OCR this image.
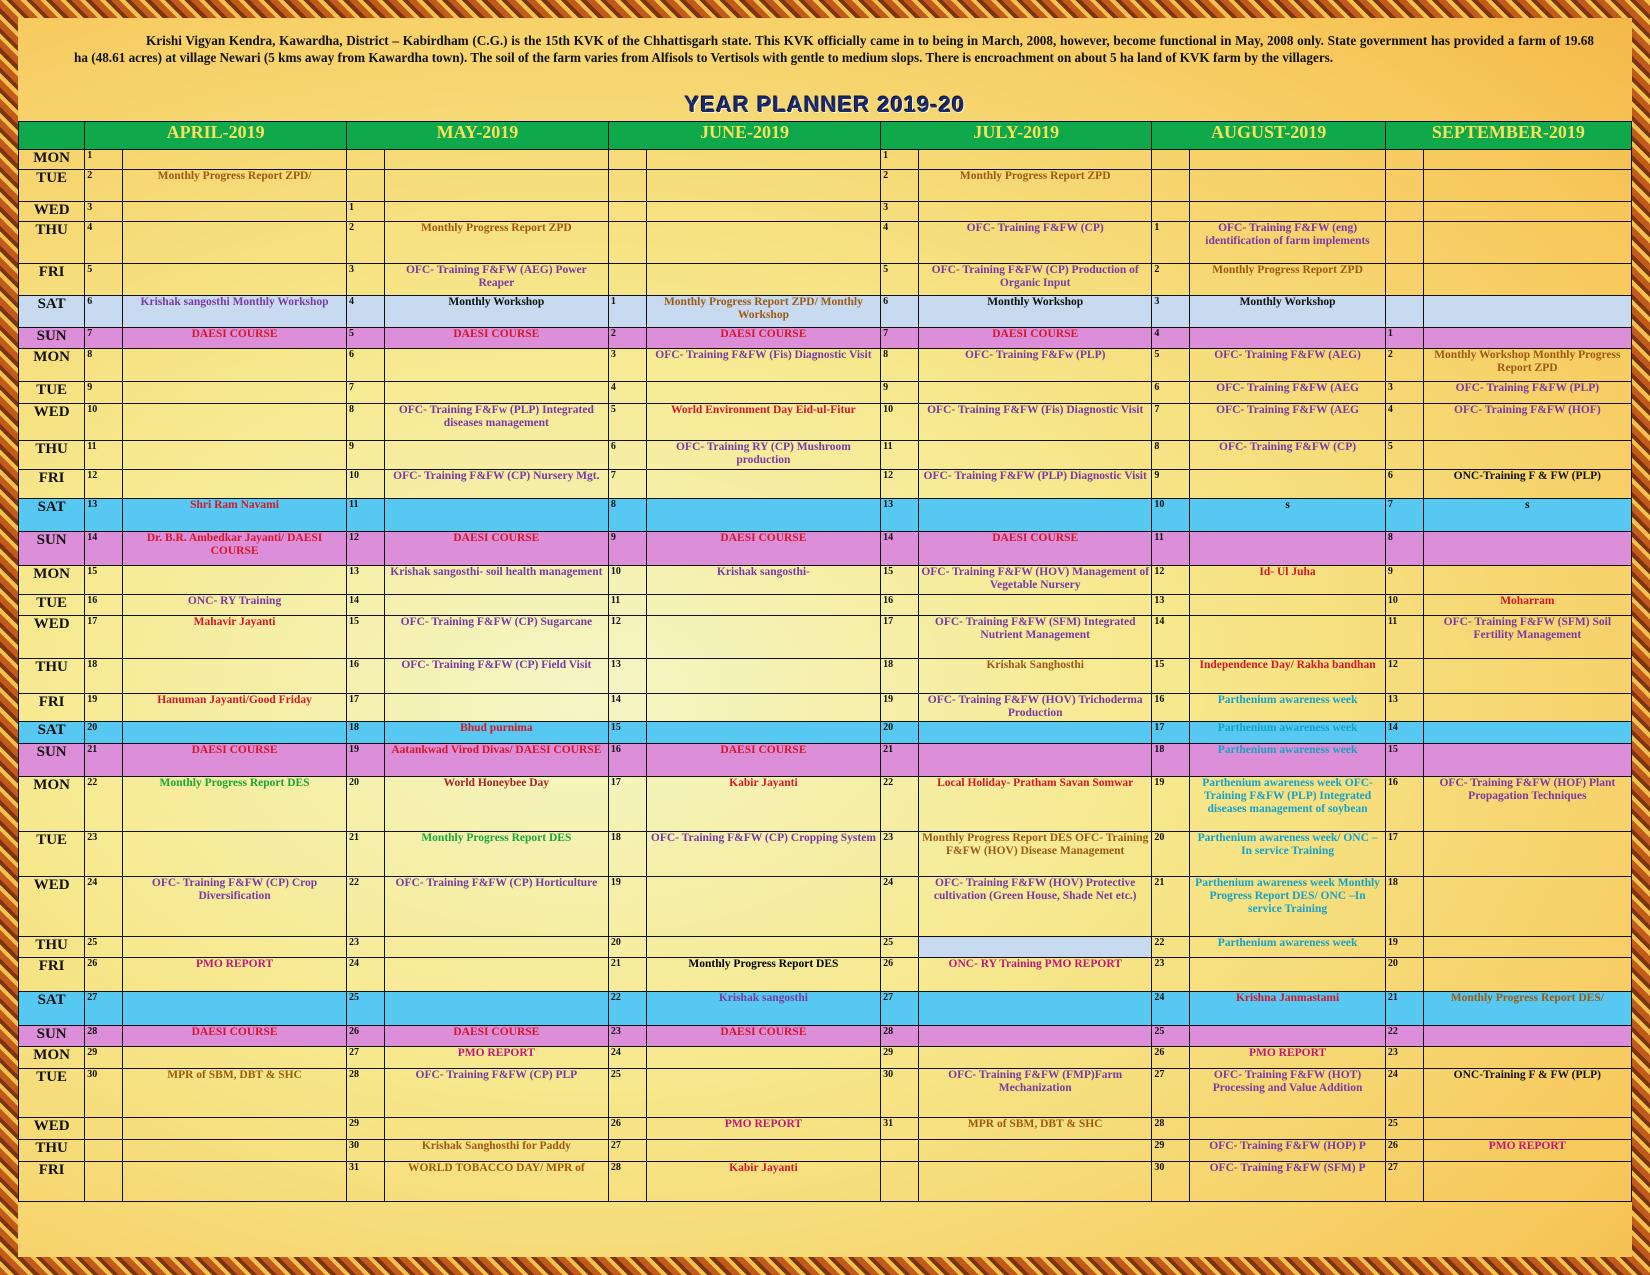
Krishi Vigyan Kendra, Kawardha, District – Kabirdham (C.G.) is the 15th KVK of the Chhattisgarh state. This KVK officially came in to being in March, 2008, however, become functional in May, 2008 only. State government has provided a farm of 19.68 ha (48.61 acres) at village Newari (5 kms away from Kawardha town). The soil of the farm varies from Alfisols to Vertisols with gentle to medium slops. There is encroachment on about 5 ha land of KVK farm by the villagers.
YEAR PLANNER 2019-20
	APRIL-2019		MAY-2019		JUNE-2019		JULY-2019		AUGUST-2019		SEPTEMBER-2019	
MON	1						1					
TUE	2	Monthly Progress Report ZPD/					2	Monthly Progress Report ZPD				
WED	3		1				3					
THU	4		2	Monthly Progress Report ZPD			4	OFC- Training F&FW (CP)	1	OFC- Training F&FW (eng) identification of farm implements		
FRI	5		3	OFC- Training F&FW (AEG) Power Reaper			5	OFC- Training F&FW (CP) Production of Organic Input	2	Monthly Progress Report ZPD		
SAT	6	Krishak sangosthi Monthly Workshop	4	Monthly Workshop	1	Monthly Progress Report ZPD/ Monthly Workshop	6	Monthly Workshop	3	Monthly Workshop		
SUN	7	DAESI COURSE	5	DAESI COURSE	2	DAESI COURSE	7	DAESI COURSE	4		1	
MON	8		6		3	OFC- Training F&FW (Fis) Diagnostic Visit	8	OFC- Training F&Fw (PLP)	5	OFC- Training F&FW (AEG)	2	Monthly Workshop Monthly Progress Report ZPD
TUE	9		7		4		9		6	OFC- Training F&FW (AEG	3	OFC- Training F&FW (PLP)
WED	10		8	OFC- Training F&Fw (PLP) Integrated diseases management	5	World Environment Day Eid-ul-Fitur	10	OFC- Training F&FW (Fis) Diagnostic Visit	7	OFC- Training F&FW (AEG	4	OFC- Training F&FW (HOF)
THU	11		9		6	OFC- Training RY (CP) Mushroom production	11		8	OFC- Training F&FW (CP)	5	
FRI	12		10	OFC- Training F&FW (CP) Nursery Mgt.	7		12	OFC- Training F&FW (PLP) Diagnostic Visit	9		6	ONC-Training F & FW (PLP)
SAT	13	Shri Ram Navami	11		8		13		10	s	7	s
SUN	14	Dr. B.R. Ambedkar Jayanti/ DAESI COURSE	12	DAESI COURSE	9	DAESI COURSE	14	DAESI COURSE	11		8	
MON	15		13	Krishak sangosthi- soil health management	10	Krishak sangosthi-	15	OFC- Training F&FW (HOV) Management of Vegetable Nursery	12	Id- Ul Juha	9	
TUE	16	ONC- RY Training	14		11		16		13		10	Moharram
WED	17	Mahavir Jayanti	15	OFC- Training F&FW (CP) Sugarcane	12		17	OFC- Training F&FW (SFM) Integrated Nutrient Management	14		11	OFC- Training F&FW (SFM) Soil Fertility Management
THU	18		16	OFC- Training F&FW (CP) Field Visit	13		18	Krishak Sanghosthi	15	Independence Day/ Rakha bandhan	12	
FRI	19	Hanuman Jayanti/Good Friday	17		14		19	OFC- Training F&FW (HOV) Trichoderma Production	16	Parthenium awareness week	13	
SAT	20		18	Bhud purnima	15		20		17	Parthenium awareness week	14	
SUN	21	DAESI COURSE	19	Aatankwad Virod Divas/ DAESI COURSE	16	DAESI COURSE	21		18	Parthenium awareness week	15	
MON	22	Monthly Progress Report DES	20	World Honeybee Day	17	Kabir Jayanti	22	Local Holiday- Pratham Savan Somwar	19	Parthenium awareness week OFC- Training F&FW (PLP) Integrated diseases management of soybean	16	OFC- Training F&FW (HOF) Plant Propagation Techniques
TUE	23		21	Monthly Progress Report DES	18	OFC- Training F&FW (CP) Cropping System	23	Monthly Progress Report DES OFC- Training F&FW (HOV) Disease Management	20	Parthenium awareness week/ ONC –In service Training	17	
WED	24	OFC- Training F&FW (CP) Crop Diversification	22	OFC- Training F&FW (CP) Horticulture	19		24	OFC- Training F&FW (HOV) Protective cultivation (Green House, Shade Net etc.)	21	Parthenium awareness week Monthly Progress Report DES/ ONC –In service Training	18	
THU	25		23		20		25		22	Parthenium awareness week	19	
FRI	26	PMO REPORT	24		21	Monthly Progress Report DES	26	ONC- RY Training PMO REPORT	23		20	
SAT	27		25		22	Krishak sangosthi	27		24	Krishna Janmastami	21	Monthly Progress Report DES/
SUN	28	DAESI COURSE	26	DAESI COURSE	23	DAESI COURSE	28		25		22	
MON	29		27	PMO REPORT	24		29		26	PMO REPORT	23	
TUE	30	MPR of SBM, DBT & SHC	28	OFC- Training F&FW (CP) PLP	25		30	OFC- Training F&FW (FMP)Farm Mechanization	27	OFC- Training F&FW (HOT) Processing and Value Addition	24	ONC-Training F & FW (PLP)
WED			29		26	PMO REPORT	31	MPR of SBM, DBT & SHC	28		25	
THU			30	Krishak Sanghosthi for Paddy	27				29	OFC- Training F&FW (HOP) P	26	PMO REPORT
FRI			31	WORLD TOBACCO DAY/ MPR of	28	Kabir Jayanti			30	OFC- Training F&FW (SFM) P	27	
